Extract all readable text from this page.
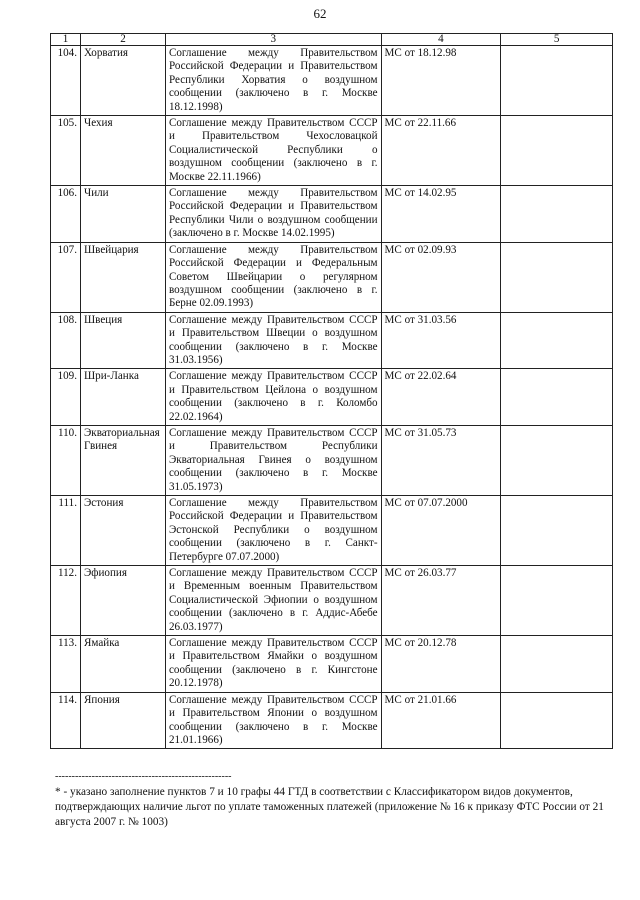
62
1	2	3	4	5
104.	Хорватия	Соглашение между Правительством Российской Федерации и Правительством Республики Хорватия о воздушном сообщении (заключено в г. Москве 18.12.1998)	МС от 18.12.98	
105.	Чехия	Соглашение между Правительством СССР и Правительством Чехословацкой Социалистической Республики о воздушном сообщении (заключено в г. Москве 22.11.1966)	МС от 22.11.66	
106.	Чили	Соглашение между Правительством Российской Федерации и Правительством Республики Чили о воздушном сообщении (заключено в г. Москве 14.02.1995)	МС от 14.02.95	
107.	Швейцария	Соглашение между Правительством Российской Федерации и Федеральным Советом Швейцарии о регулярном воздушном сообщении (заключено в г. Берне 02.09.1993)	МС от 02.09.93	
108.	Швеция	Соглашение между Правительством СССР и Правительством Швеции о воздушном сообщении (заключено в г. Москве 31.03.1956)	МС от 31.03.56	
109.	Шри-Ланка	Соглашение между Правительством СССР и Правительством Цейлона о воздушном сообщении (заключено в г. Коломбо 22.02.1964)	МС от 22.02.64	
110.	Экваториальная Гвинея	Соглашение между Правительством СССР и Правительством Республики Экваториальная Гвинея о воздушном сообщении (заключено в г. Москве 31.05.1973)	МС от 31.05.73	
111.	Эстония	Соглашение между Правительством Российской Федерации и Правительством Эстонской Республики о воздушном сообщении (заключено в г. Санкт-Петербурге 07.07.2000)	МС от 07.07.2000	
112.	Эфиопия	Соглашение между Правительством СССР и Временным военным Правительством Социалистической Эфиопии о воздушном сообщении (заключено в г. Аддис-Абебе 26.03.1977)	МС от 26.03.77	
113.	Ямайка	Соглашение между Правительством СССР и Правительством Ямайки о воздушном сообщении (заключено в г. Кингстоне 20.12.1978)	МС от 20.12.78	
114.	Япония	Соглашение между Правительством СССР и Правительством Японии о воздушном сообщении (заключено в г. Москве 21.01.1966)	МС от 21.01.66	
-----------------------------------------------------
* - указано заполнение пунктов 7 и 10 графы 44 ГТД в соответствии с Классификатором видов документов, подтверждающих наличие льгот по уплате таможенных платежей (приложение № 16 к приказу ФТС России от 21 августа 2007 г. № 1003)
